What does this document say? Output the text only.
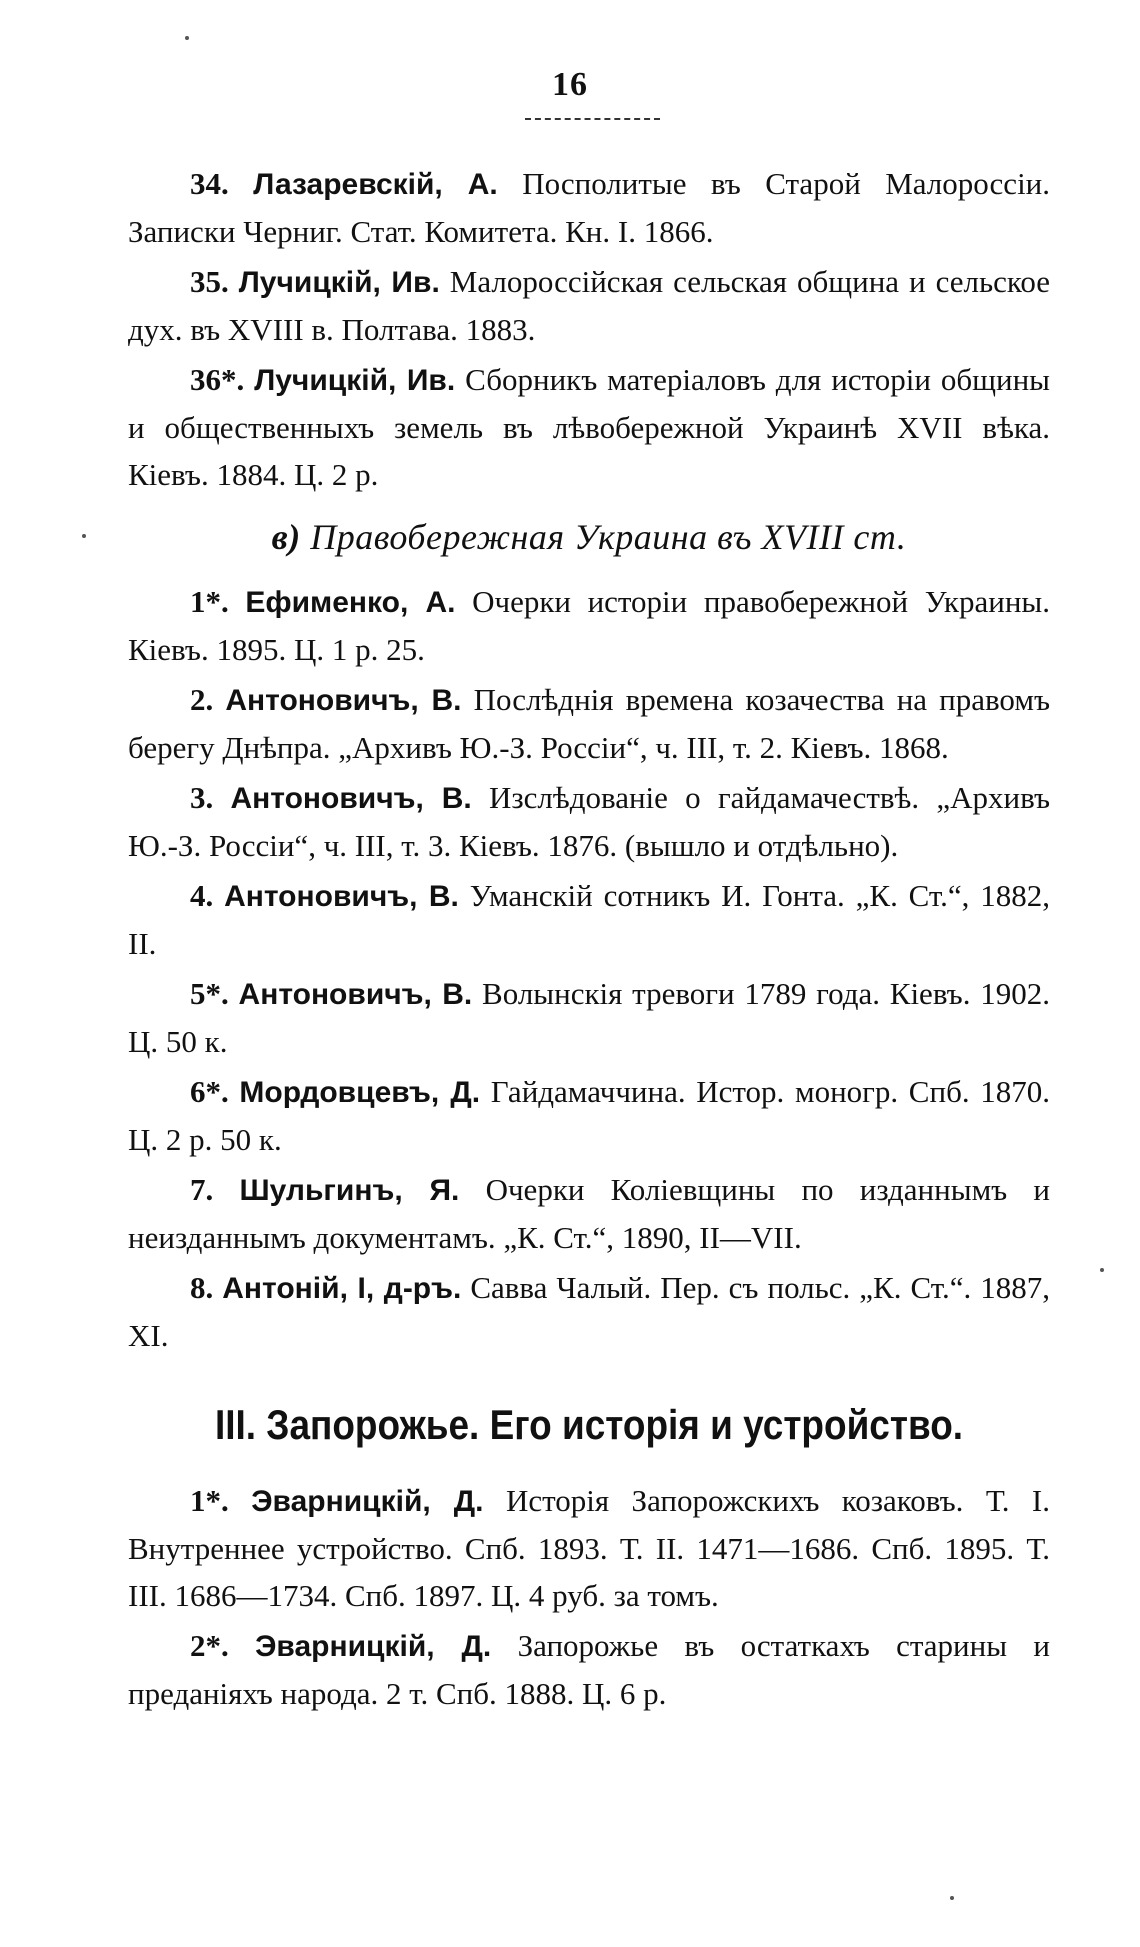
16

34. Лазаревскій, А. Посполитые въ Старой Малороссіи. Записки Черниг. Стат. Комитета. Кн. I. 1866.

35. Лучицкій, Ив. Малороссійская сельская община и сельское дух. въ XVIII в. Полтава. 1883.

36*. Лучицкій, Ив. Сборникъ матеріаловъ для исторіи общины и общественныхъ земель въ лѣвобережной Украинѣ XVII вѣка. Кіевъ. 1884. Ц. 2 р.

в) Правобережная Украина въ XVIII ст.

1*. Ефименко, А. Очерки исторіи правобережной Украины. Кіевъ. 1895. Ц. 1 р. 25.

2. Антоновичъ, В. Послѣднія времена козачества на правомъ берегу Днѣпра. „Архивъ Ю.-З. Россіи“, ч. III, т. 2. Кіевъ. 1868.

3. Антоновичъ, В. Изслѣдованіе о гайдамачествѣ. „Архивъ Ю.-З. Россіи“, ч. III, т. 3. Кіевъ. 1876. (вышло и отдѣльно).

4. Антоновичъ, В. Уманскій сотникъ И. Гонта. „К. Ст.“, 1882, II.

5*. Антоновичъ, В. Волынскія тревоги 1789 года. Кіевъ. 1902. Ц. 50 к.

6*. Мордовцевъ, Д. Гайдамаччина. Истор. моногр. Спб. 1870. Ц. 2 р. 50 к.

7. Шульгинъ, Я. Очерки Коліевщины по изданнымъ и неизданнымъ документамъ. „К. Ст.“, 1890, II—VII.

8. Антоній, I, д-ръ. Савва Чалый. Пер. съ польс. „К. Ст.“. 1887, XI.

III. Запорожье. Его исторія и устройство.

1*. Эварницкій, Д. Исторія Запорожскихъ козаковъ. Т. I. Внутреннее устройство. Спб. 1893. Т. II. 1471—1686. Спб. 1895. Т. III. 1686—1734. Спб. 1897. Ц. 4 руб. за томъ.

2*. Эварницкій, Д. Запорожье въ остаткахъ старины и преданіяхъ народа. 2 т. Спб. 1888. Ц. 6 р.
